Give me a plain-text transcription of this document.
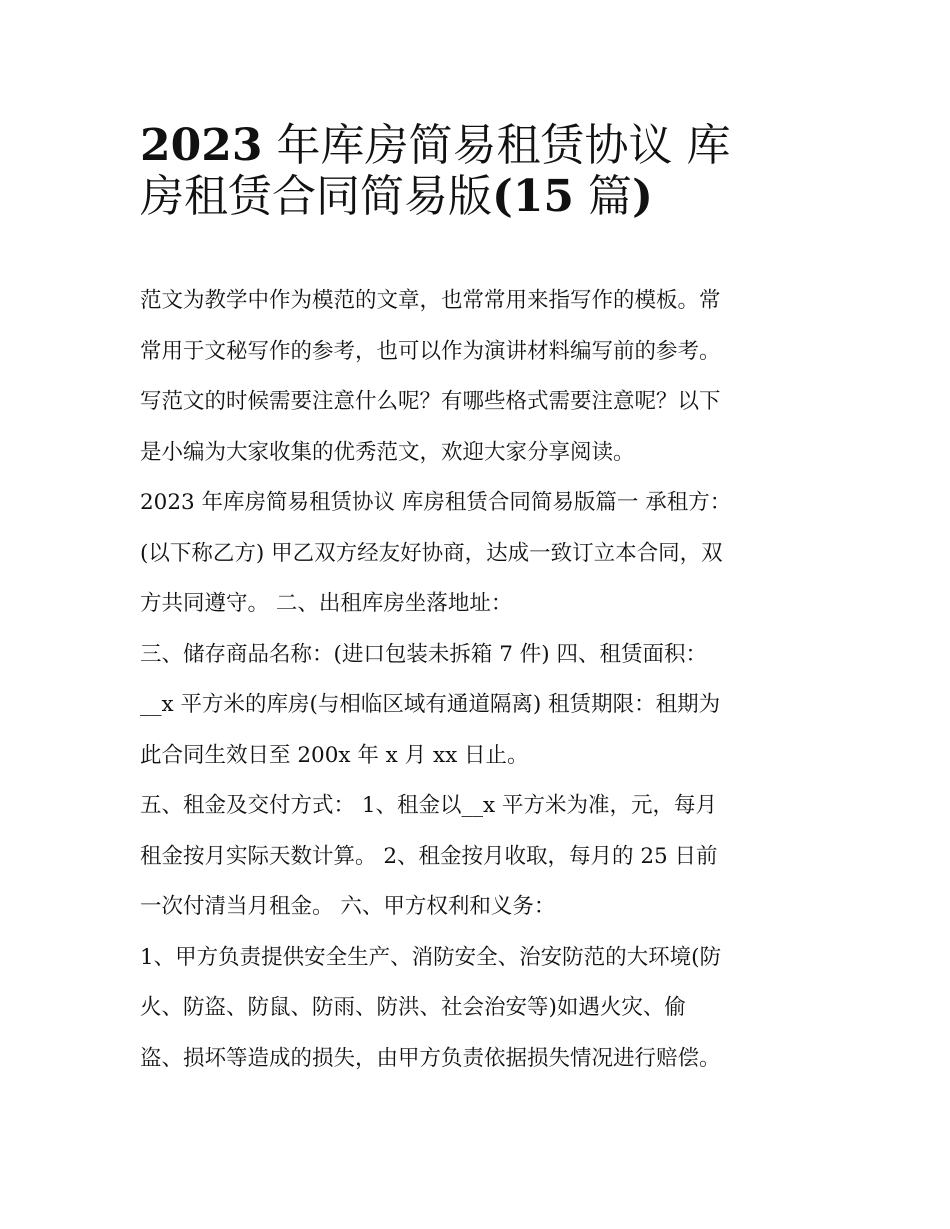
2023 年库房简易租赁协议 库
房租赁合同简易版(15 篇)

范文为教学中作为模范的文章，也常常用来指写作的模板。常
常用于文秘写作的参考，也可以作为演讲材料编写前的参考。
写范文的时候需要注意什么呢？有哪些格式需要注意呢？以下
是小编为大家收集的优秀范文，欢迎大家分享阅读。

2023 年库房简易租赁协议 库房租赁合同简易版篇一 承租方：
(以下称乙方) 甲乙双方经友好协商，达成一致订立本合同，双
方共同遵守。 二、出租库房坐落地址：

三、储存商品名称：(进口包装未拆箱 7 件) 四、租赁面积：
__x 平方米的库房(与相临区域有通道隔离) 租赁期限：租期为
此合同生效日至 200x 年 x 月 xx 日止。

五、租金及交付方式： 1、租金以__x 平方米为准，元，每月
租金按月实际天数计算。 2、租金按月收取，每月的 25 日前
一次付清当月租金。 六、甲方权利和义务：

1、甲方负责提供安全生产、消防安全、治安防范的大环境(防
火、防盗、防鼠、防雨、防洪、社会治安等)如遇火灾、偷
盗、损坏等造成的损失，由甲方负责依据损失情况进行赔偿。
